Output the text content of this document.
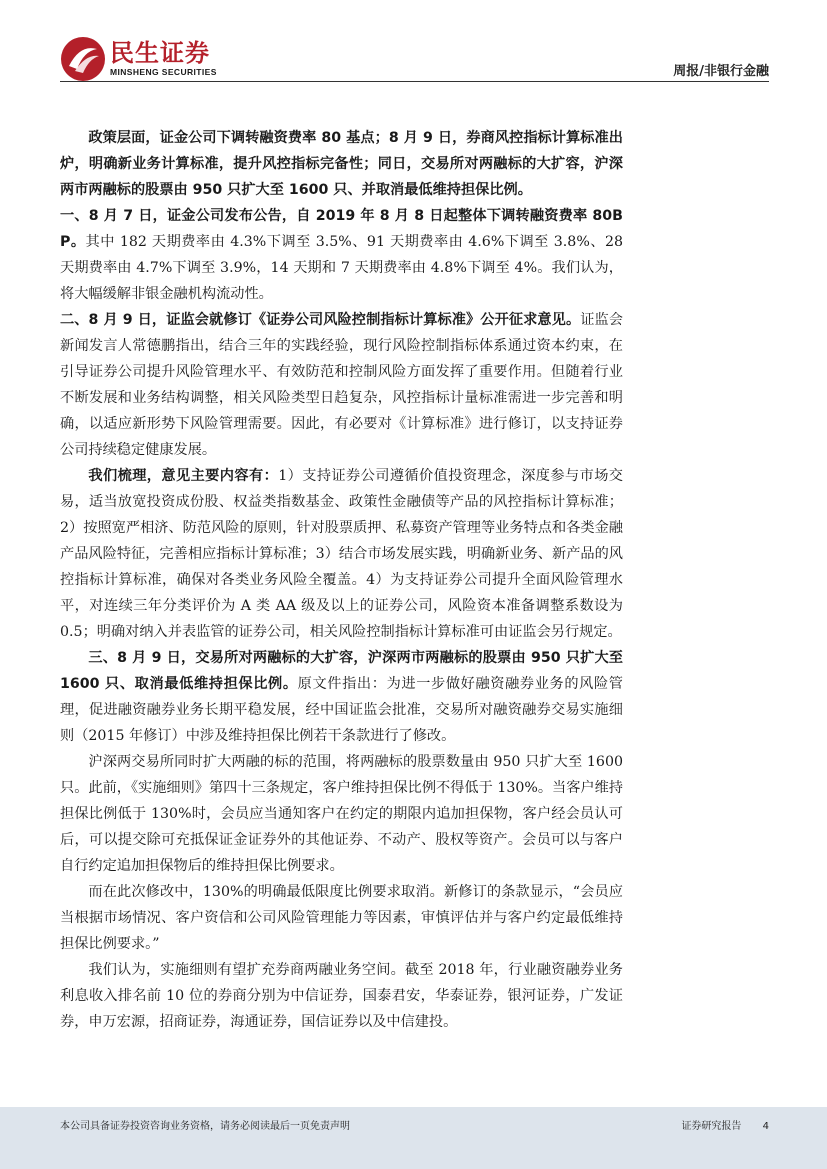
民生证券
MINSHENG SECURITIES	周报/非银行金融

政策层面，证金公司下调转融资费率 80 基点；8 月 9 日，券商风控指标计算标准出炉，明确新业务计算标准，提升风控指标完备性；同日，交易所对两融标的大扩容，沪深两市两融标的股票由 950 只扩大至 1600 只、并取消最低维持担保比例。

一、8 月 7 日，证金公司发布公告，自 2019 年 8 月 8 日起整体下调转融资费率 80BP。其中 182 天期费率由 4.3%下调至 3.5%、91 天期费率由 4.6%下调至 3.8%、28 天期费率由 4.7%下调至 3.9%，14 天期和 7 天期费率由 4.8%下调至 4%。我们认为，将大幅缓解非银金融机构流动性。

二、8 月 9 日，证监会就修订《证券公司风险控制指标计算标准》公开征求意见。证监会新闻发言人常德鹏指出，结合三年的实践经验，现行风险控制指标体系通过资本约束，在引导证券公司提升风险管理水平、有效防范和控制风险方面发挥了重要作用。但随着行业不断发展和业务结构调整，相关风险类型日趋复杂，风控指标计量标准需进一步完善和明确，以适应新形势下风险管理需要。因此，有必要对《计算标准》进行修订，以支持证券公司持续稳定健康发展。

我们梳理，意见主要内容有：1）支持证券公司遵循价值投资理念，深度参与市场交易，适当放宽投资成份股、权益类指数基金、政策性金融债等产品的风控指标计算标准；2）按照宽严相济、防范风险的原则，针对股票质押、私募资产管理等业务特点和各类金融产品风险特征，完善相应指标计算标准；3）结合市场发展实践，明确新业务、新产品的风控指标计算标准，确保对各类业务风险全覆盖。4）为支持证券公司提升全面风险管理水平，对连续三年分类评价为 A 类 AA 级及以上的证券公司，风险资本准备调整系数设为 0.5；明确对纳入并表监管的证券公司，相关风险控制指标计算标准可由证监会另行规定。

三、8 月 9 日，交易所对两融标的大扩容，沪深两市两融标的股票由 950 只扩大至 1600 只、取消最低维持担保比例。原文件指出：为进一步做好融资融券业务的风险管理，促进融资融券业务长期平稳发展，经中国证监会批准，交易所对融资融券交易实施细则（2015 年修订）中涉及维持担保比例若干条款进行了修改。

沪深两交易所同时扩大两融的标的范围，将两融标的股票数量由 950 只扩大至 1600 只。此前，《实施细则》第四十三条规定，客户维持担保比例不得低于 130%。当客户维持担保比例低于 130%时，会员应当通知客户在约定的期限内追加担保物，客户经会员认可后，可以提交除可充抵保证金证券外的其他证券、不动产、股权等资产。会员可以与客户自行约定追加担保物后的维持担保比例要求。

而在此次修改中，130%的明确最低限度比例要求取消。新修订的条款显示，“会员应当根据市场情况、客户资信和公司风险管理能力等因素，审慎评估并与客户约定最低维持担保比例要求。”

我们认为，实施细则有望扩充券商两融业务空间。截至 2018 年，行业融资融券业务利息收入排名前 10 位的券商分别为中信证券，国泰君安，华泰证券，银河证券，广发证券，申万宏源，招商证券，海通证券，国信证券以及中信建投。

本公司具备证券投资咨询业务资格，请务必阅读最后一页免责声明	证券研究报告 4
